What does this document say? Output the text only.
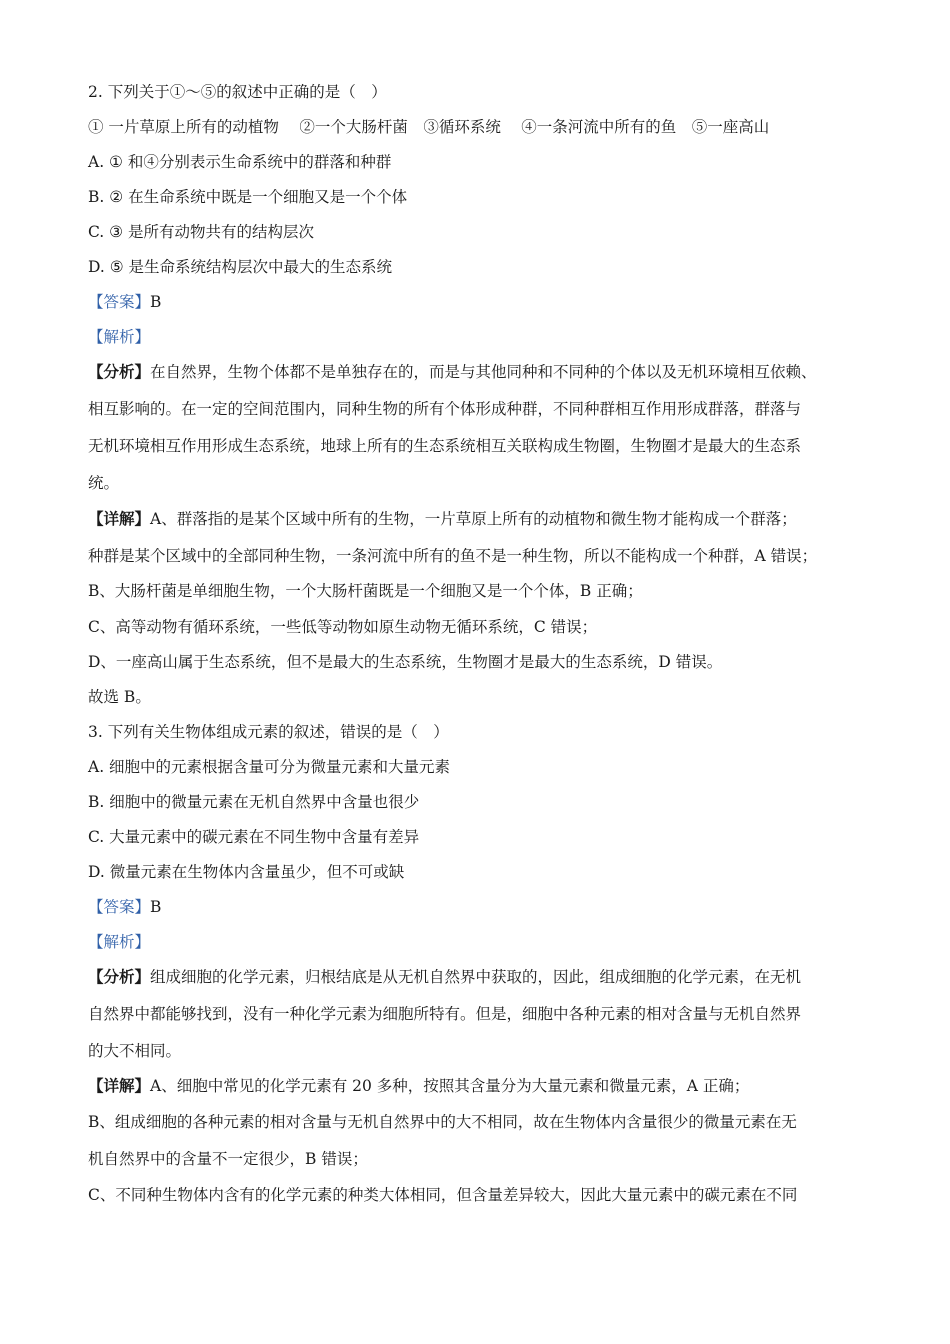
2. 下列关于①～⑤的叙述中正确的是（　）
① 一片草原上所有的动植物　 ②一个大肠杆菌　③循环系统　 ④一条河流中所有的鱼　⑤一座高山
A. ① 和④分别表示生命系统中的群落和种群
B. ② 在生命系统中既是一个细胞又是一个个体
C. ③ 是所有动物共有的结构层次
D. ⑤ 是生命系统结构层次中最大的生态系统
【答案】B
【解析】
【分析】在自然界，生物个体都不是单独存在的，而是与其他同种和不同种的个体以及无机环境相互依赖、
相互影响的。在一定的空间范围内，同种生物的所有个体形成种群，不同种群相互作用形成群落，群落与
无机环境相互作用形成生态系统，地球上所有的生态系统相互关联构成生物圈，生物圈才是最大的生态系
统。
【详解】A、群落指的是某个区域中所有的生物，一片草原上所有的动植物和微生物才能构成一个群落；
种群是某个区域中的全部同种生物，一条河流中所有的鱼不是一种生物，所以不能构成一个种群，A 错误；
B、大肠杆菌是单细胞生物，一个大肠杆菌既是一个细胞又是一个个体，B 正确；
C、高等动物有循环系统，一些低等动物如原生动物无循环系统，C 错误；
D、一座高山属于生态系统，但不是最大的生态系统，生物圈才是最大的生态系统，D 错误。
故选 B。
3. 下列有关生物体组成元素的叙述，错误的是（　）
A. 细胞中的元素根据含量可分为微量元素和大量元素
B. 细胞中的微量元素在无机自然界中含量也很少
C. 大量元素中的碳元素在不同生物中含量有差异
D. 微量元素在生物体内含量虽少，但不可或缺
【答案】B
【解析】
【分析】组成细胞的化学元素，归根结底是从无机自然界中获取的，因此，组成细胞的化学元素，在无机
自然界中都能够找到，没有一种化学元素为细胞所特有。但是，细胞中各种元素的相对含量与无机自然界
的大不相同。
【详解】A、细胞中常见的化学元素有 20 多种，按照其含量分为大量元素和微量元素，A 正确；
B、组成细胞的各种元素的相对含量与无机自然界中的大不相同，故在生物体内含量很少的微量元素在无
机自然界中的含量不一定很少，B 错误；
C、不同种生物体内含有的化学元素的种类大体相同，但含量差异较大，因此大量元素中的碳元素在不同
